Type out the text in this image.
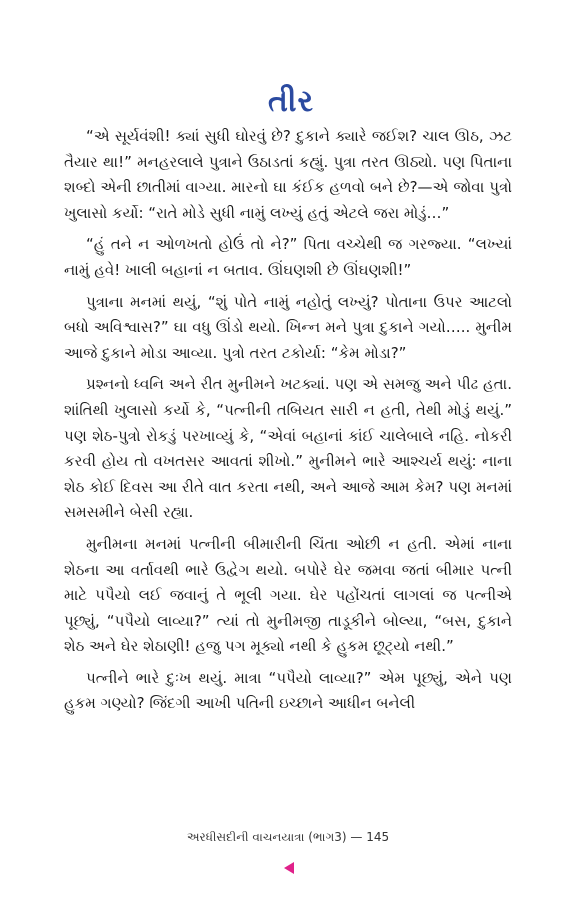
તીર

“એ સૂર્યવંશી! ક્યાં સુધી ઘોરવું છે? દુકાને ક્યારે જઈશ? ચાલ ઊઠ, ઝટ તૈયાર થા!” મનહરલાલે પુત્રાને ઉઠાડતાં કહ્યું. પુત્રા તરત ઊઠ્યો. પણ પિતાના શબ્દો એની છાતીમાં વાગ્યા. મારનો ઘા કંઈક હળવો બને છે?—એ જોવા પુત્રો ખુલાસો કર્યો: “રાતે મોડે સુધી નામું લખ્યું હતું એટલે જરા મોડું…”

“હું તને ન ઓળખતો હોઉં તો ને?” પિતા વચ્ચેથી જ ગરજ્યા. “લખ્યાં નામું હવે! ખાલી બહાનાં ન બતાવ. ઊંઘણશી છે ઊંઘણશી!”

પુત્રાના મનમાં થયું, “શું પોતે નામું નહોતું લખ્યું? પોતાના ઉપર આટલો બધો અવિશ્વાસ?” ઘા વધુ ઊંડો થયો. ખિન્ન મને પુત્રા દુકાને ગયો….. મુનીમ આજે દુકાને મોડા આવ્યા. પુત્રો તરત ટકોર્યા: “કેમ મોડા?”

પ્રશ્નનો ધ્વનિ અને રીત મુનીમને ખટક્યાં. પણ એ સમજુ અને પીઢ હતા. શાંતિથી ખુલાસો કર્યો કે, “પત્નીની તબિયત સારી ન હતી, તેથી મોડું થયું.” પણ શેઠ-પુત્રો રોકડું પરખાવ્યું કે, “એવાં બહાનાં કાંઈ ચાલેબાલે નહિ. નોકરી કરવી હોય તો વખતસર આવતાં શીખો.” મુનીમને ભારે આશ્ચર્ય થયું: નાના શેઠ કોઈ દિવસ આ રીતે વાત કરતા નથી, અને આજે આમ કેમ? પણ મનમાં સમસમીને બેસી રહ્યા.

મુનીમના મનમાં પત્નીની બીમારીની ચિંતા ઓછી ન હતી. એમાં નાના શેઠના આ વર્તાવથી ભારે ઉદ્વેગ થયો. બપોરે ઘેર જમવા જતાં બીમાર પત્ની માટે પપૈયો લઈ જવાનું તે ભૂલી ગયા. ઘેર પહોંચતાં લાગલાં જ પત્નીએ પૂછ્યું, “પપૈયો લાવ્યા?” ત્યાં તો મુનીમજી તાડૂકીને બોલ્યા, “બસ, દુકાને શેઠ અને ઘેર શેઠાણી! હજુ પગ મૂક્યો નથી કે હુકમ છૂટ્યો નથી.”

પત્નીને ભારે દુઃખ થયું. માત્રા “પપૈયો લાવ્યા?” એમ પૂછ્યું, એને પણ હુકમ ગણ્યો? જિંદગી આખી પતિની ઇચ્છાને આધીન બનેલી

અરધીસદીની વાચનયાત્રા (ભાગ3) — 145
